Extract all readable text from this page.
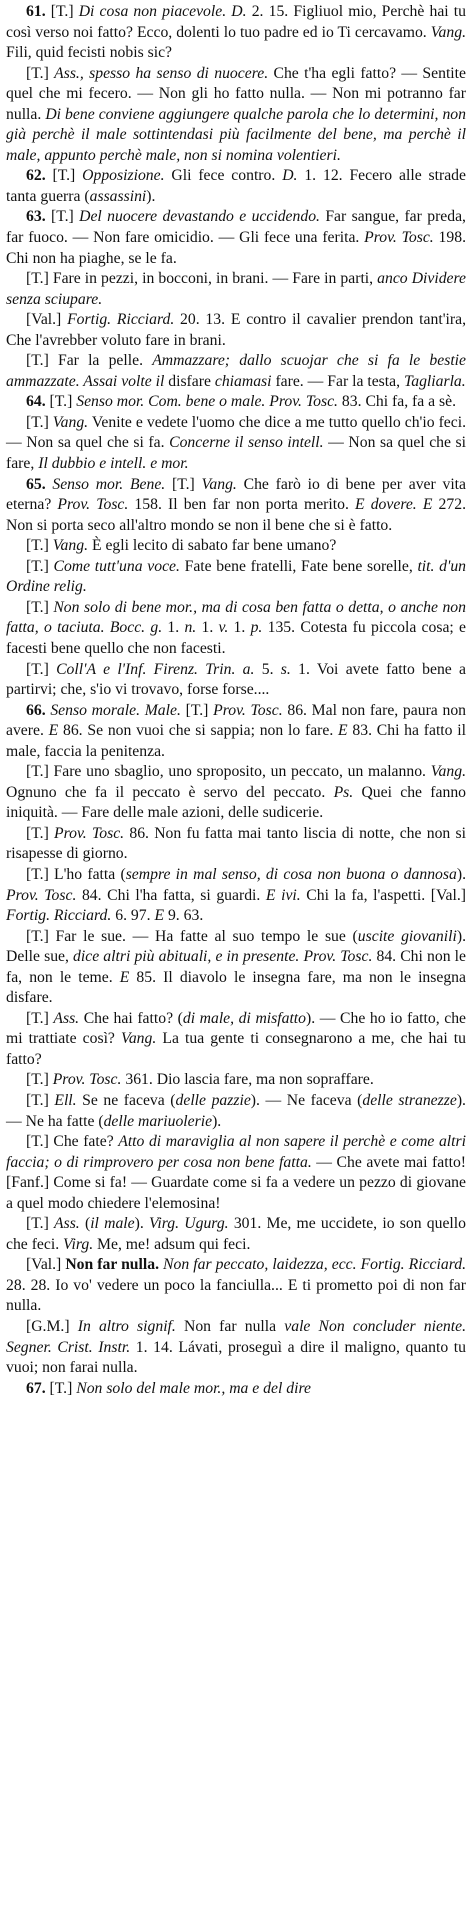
61. [T.] Di cosa non piacevole. D. 2. 15. Figliuol mio, Perchè hai tu così verso noi fatto? Ecco, dolenti lo tuo padre ed io Ti cercavamo. Vang. Fili, quid fecisti nobis sic?

[T.] Ass., spesso ha senso di nuocere. Che t'ha egli fatto? — Sentite quel che mi fecero. — Non gli ho fatto nulla. — Non mi potranno far nulla. Di bene conviene aggiungere qualche parola che lo determini, non già perchè il male sottintendasi più facilmente del bene, ma perchè il male, appunto perchè male, non si nomina volentieri.

62. [T.] Opposizione. Gli fece contro. D. 1. 12. Fecero alle strade tanta guerra (assassini).

63. [T.] Del nuocere devastando e uccidendo. Far sangue, far preda, far fuoco. — Non fare omicidio. — Gli fece una ferita. Prov. Tosc. 198. Chi non ha piaghe, se le fa.

[T.] Fare in pezzi, in bocconi, in brani. — Fare in parti, anco Dividere senza sciupare.

[Val.] Fortig. Ricciard. 20. 13. E contro il cavalier prendon tant'ira, Che l'avrebber voluto fare in brani.

[T.] Far la pelle. Ammazzare; dallo scuojar che si fa le bestie ammazzate. Assai volte il disfare chiamasi fare. — Far la testa, Tagliarla.

64. [T.] Senso mor. Com. bene o male. Prov. Tosc. 83. Chi fa, fa a sè.

[T.] Vang. Venite e vedete l'uomo che dice a me tutto quello ch'io feci. — Non sa quel che si fa. Concerne il senso intell. — Non sa quel che si fare, Il dubbio e intell. e mor.

65. Senso mor. Bene. [T.] Vang. Che farò io di bene per aver vita eterna? Prov. Tosc. 158. Il ben far non porta merito. E dovere. E 272. Non si porta seco all'altro mondo se non il bene che si è fatto.

[T.] Vang. È egli lecito di sabato far bene umano?

[T.] Come tutt'una voce. Fate bene fratelli, Fate bene sorelle, tit. d'un Ordine relig.

[T.] Non solo di bene mor., ma di cosa ben fatta o detta, o anche non fatta, o taciuta. Bocc. g. 1. n. 1. v. 1. p. 135. Cotesta fu piccola cosa; e facesti bene quello che non facesti.

[T.] Coll'A e l'Inf. Firenz. Trin. a. 5. s. 1. Voi avete fatto bene a partirvi; che, s'io vi trovavo, forse forse....

66. Senso morale. Male. [T.] Prov. Tosc. 86. Mal non fare, paura non avere. E 86. Se non vuoi che si sappia; non lo fare. E 83. Chi ha fatto il male, faccia la penitenza.

[T.] Fare uno sbaglio, uno sproposito, un peccato, un malanno. Vang. Ognuno che fa il peccato è servo del peccato. Ps. Quei che fanno iniquità. — Fare delle male azioni, delle sudicerie.

[T.] Prov. Tosc. 86. Non fu fatta mai tanto liscia di notte, che non si risapesse di giorno.

[T.] L'ho fatta (sempre in mal senso, di cosa non buona o dannosa). Prov. Tosc. 84. Chi l'ha fatta, si guardi. E ivi. Chi la fa, l'aspetti. [Val.] Fortig. Ricciard. 6. 97. E 9. 63.

[T.] Far le sue. — Ha fatte al suo tempo le sue (uscite giovanili). Delle sue, dice altri più abituali, e in presente. Prov. Tosc. 84. Chi non le fa, non le teme. E 85. Il diavolo le insegna fare, ma non le insegna disfare.

[T.] Ass. Che hai fatto? (di male, di misfatto). — Che ho io fatto, che mi trattiate così? Vang. La tua gente ti consegnarono a me, che hai tu fatto?

[T.] Prov. Tosc. 361. Dio lascia fare, ma non sopraffare.

[T.] Ell. Se ne faceva (delle pazzie). — Ne faceva (delle stranezze). — Ne ha fatte (delle mariuolerie).

[T.] Che fate? Atto di maraviglia al non sapere il perchè e come altri faccia; o di rimprovero per cosa non bene fatta. — Che avete mai fatto! [Fanf.] Come si fa! — Guardate come si fa a vedere un pezzo di giovane a quel modo chiedere l'elemosina!

[T.] Ass. (il male). Virg. Ugurg. 301. Me, me uccidete, io son quello che feci. Virg. Me, me! adsum qui feci.

[Val.] Non far nulla. Non far peccato, laidezza, ecc. Fortig. Ricciard. 28. 28. Io vo' vedere un poco la fanciulla... E ti prometto poi di non far nulla.

[G.M.] In altro signif. Non far nulla vale Non concluder niente. Segner. Crist. Instr. 1. 14. Lávati, proseguì a dire il maligno, quanto tu vuoi; non farai nulla.

67. [T.] Non solo del male mor., ma e del dire
